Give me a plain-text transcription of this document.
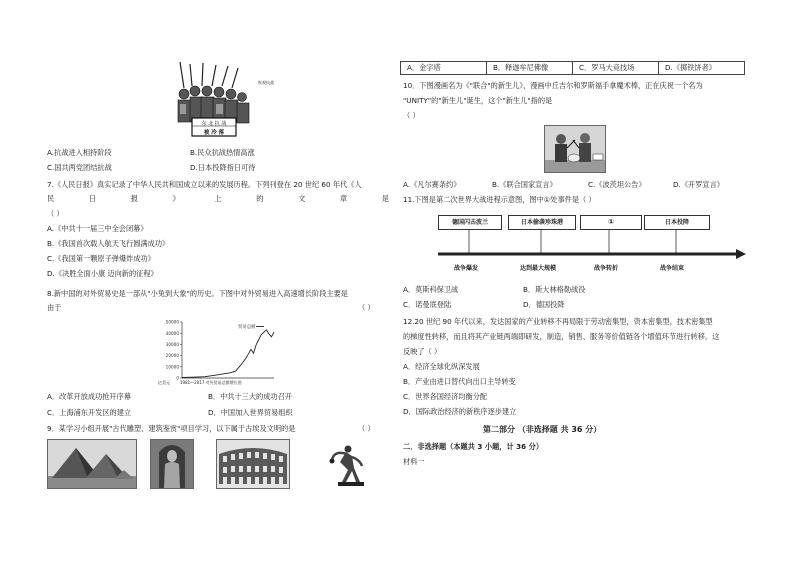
东 北 抗 战
被 冷 落
纵观抗战
A.抗战进入相持阶段	B.民众抗战热情高涨
C.国共两党团结抗战	D.日本投降指日可待
7.《人民日报》真实记录了中华人民共和国成立以来的发展历程。下列刊登在 20 世纪 60 年代《人
民	日	报	》	上	的	文	章	是
（ ）
A.《中共十一届三中全会闭幕》
B.《我国首次载人航天飞行圆满成功》
C.《我国第一颗原子弹爆炸成功》
D.《决胜全面小康 迈向新的征程》
8.新中国的对外贸易史是一部从"小兔到大象"的历史。下图中对外贸易进入高速增长阶段主要是
由于	（ ）
50000
40000
30000
20000
10000
0
贸易总额
亿美元	1981—2017 对外贸易总额增长图
A．改革开放成功抢开序幕	B．中共十三大的成功召开
C．上海浦东开发区的建立	D．中国加入世界贸易组织
9．某学习小组开展"古代雕塑、建筑鉴赏"项目学习，以下属于古埃及文明的是	（ ）
A．金字塔	B．释迦牟尼佛像	C．罗马大竞技场	D.《掷铁饼者》
10．下图漫画名为《"联合"的新生儿》，漫画中丘吉尔和罗斯福手拿魔术棒，正在庆祝一个名为
"UNITY"的"新生儿"诞生，这个"新生儿"指的是
（ ）
A.《凡尔赛条约》	B.《联合国家宣言》	C.《波茨坦公告》	D.《开罗宣言》
11.下图是第二次世界大战进程示意图，图中①处事件是（ ）
德国闪击波兰	日本偷袭珍珠港	①	日本投降
战争爆发	达到最大规模	战争转折	战争结束
A．莫斯科保卫战	B．斯大林格勒战役
C．诺曼底登陆	D．德国投降
12.20 世纪 90 年代以来，发达国家的产业转移不再局限于劳动密集型，资本密集型，技术密集型
的梯度性转移，而且将其产业链两端即研发，制造，销售、服务等价值链各个增值环节进行转移。这
反映了（ ）
A．经济全球化纵深发展
B．产业由进口替代向出口主导转变
C．世界各国经济均衡分配
D．国际政治经济的新秩序逐步建立
第二部分 （非选择题 共 36 分）
二．非选择题（本题共 3 小题，计 36 分）
材料一
